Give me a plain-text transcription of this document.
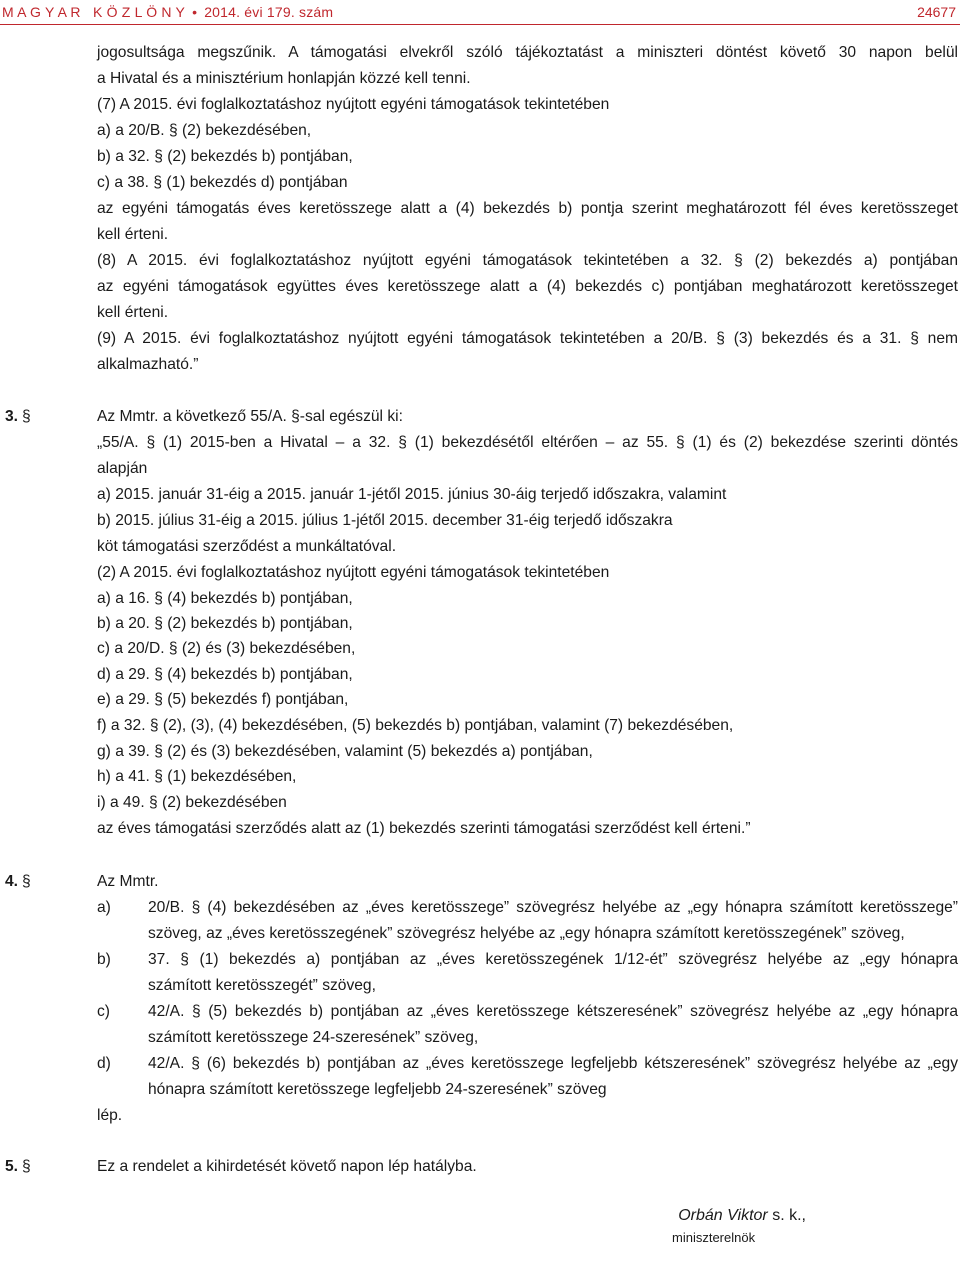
M A G Y A R   K Ö Z L Ö N Y • 2014. évi 179. szám	24677
jogosultsága megszűnik. A támogatási elvekről szóló tájékoztatást a miniszteri döntést követő 30 napon belül
a Hivatal és a minisztérium honlapján közzé kell tenni.
(7) A 2015. évi foglalkoztatáshoz nyújtott egyéni támogatások tekintetében
a) a 20/B. § (2) bekezdésében,
b) a 32. § (2) bekezdés b) pontjában,
c) a 38. § (1) bekezdés d) pontjában
az egyéni támogatás éves keretösszege alatt a (4) bekezdés b) pontja szerint meghatározott fél éves keretösszeget
kell érteni.
(8) A 2015. évi foglalkoztatáshoz nyújtott egyéni támogatások tekintetében a 32. § (2) bekezdés a) pontjában
az egyéni támogatások együttes éves keretösszege alatt a (4) bekezdés c) pontjában meghatározott keretösszeget
kell érteni.
(9) A 2015. évi foglalkoztatáshoz nyújtott egyéni támogatások tekintetében a 20/B. § (3) bekezdés és a 31. § nem
alkalmazható.”
3. §	Az Mmtr. a következő 55/A. §-sal egészül ki:
„55/A. § (1) 2015-ben a Hivatal – a 32. § (1) bekezdésétől eltérően – az 55. § (1) és (2) bekezdése szerinti döntés
alapján
a) 2015. január 31-éig a 2015. január 1-jétől 2015. június 30-áig terjedő időszakra, valamint
b) 2015. július 31-éig a 2015. július 1-jétől 2015. december 31-éig terjedő időszakra
köt támogatási szerződést a munkáltatóval.
(2) A 2015. évi foglalkoztatáshoz nyújtott egyéni támogatások tekintetében
a) a 16. § (4) bekezdés b) pontjában,
b) a 20. § (2) bekezdés b) pontjában,
c) a 20/D. § (2) és (3) bekezdésében,
d) a 29. § (4) bekezdés b) pontjában,
e) a 29. § (5) bekezdés f) pontjában,
f) a 32. § (2), (3), (4) bekezdésében, (5) bekezdés b) pontjában, valamint (7) bekezdésében,
g) a 39. § (2) és (3) bekezdésében, valamint (5) bekezdés a) pontjában,
h) a 41. § (1) bekezdésében,
i) a 49. § (2) bekezdésében
az éves támogatási szerződés alatt az (1) bekezdés szerinti támogatási szerződést kell érteni.”
4. §	Az Mmtr.
a) 20/B. § (4) bekezdésében az „éves keretösszege” szövegrész helyébe az „egy hónapra számított keretösszege”
szöveg, az „éves keretösszegének” szövegrész helyébe az „egy hónapra számított keretösszegének” szöveg,
b) 37. § (1) bekezdés a) pontjában az „éves keretösszegének 1/12-ét” szövegrész helyébe az „egy hónapra
számított keretösszegét” szöveg,
c) 42/A. § (5) bekezdés b) pontjában az „éves keretösszege kétszeresének” szövegrész helyébe az „egy hónapra
számított keretösszege 24-szeresének” szöveg,
d) 42/A. § (6) bekezdés b) pontjában az „éves keretösszege legfeljebb kétszeresének” szövegrész helyébe az „egy
hónapra számított keretösszege legfeljebb 24-szeresének” szöveg
lép.
5. §	Ez a rendelet a kihirdetését követő napon lép hatályba.
Orbán Viktor s. k.,
miniszterelnök
